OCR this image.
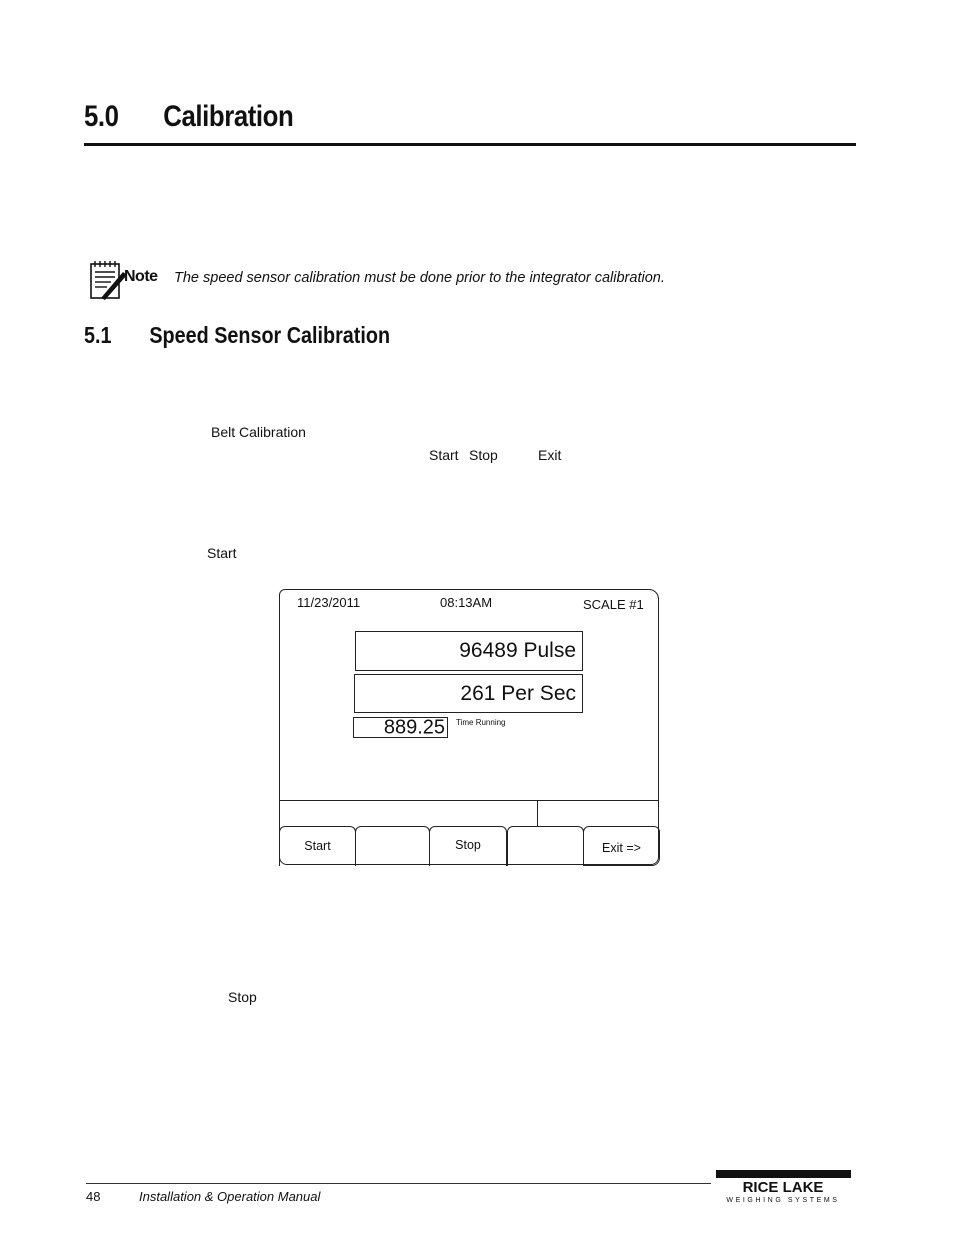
5.0 Calibration
Note The speed sensor calibration must be done prior to the integrator calibration.
5.1 Speed Sensor Calibration
Belt Calibration
Start Stop	Exit
Start
Stop
11/23/2011	08:13AM	SCALE #1
96489 Pulse
261 Per Sec
889.25 Time Running
Start	Stop	Exit =>
48	Installation & Operation Manual
RICE LAKE
WEIGHING SYSTEMS
